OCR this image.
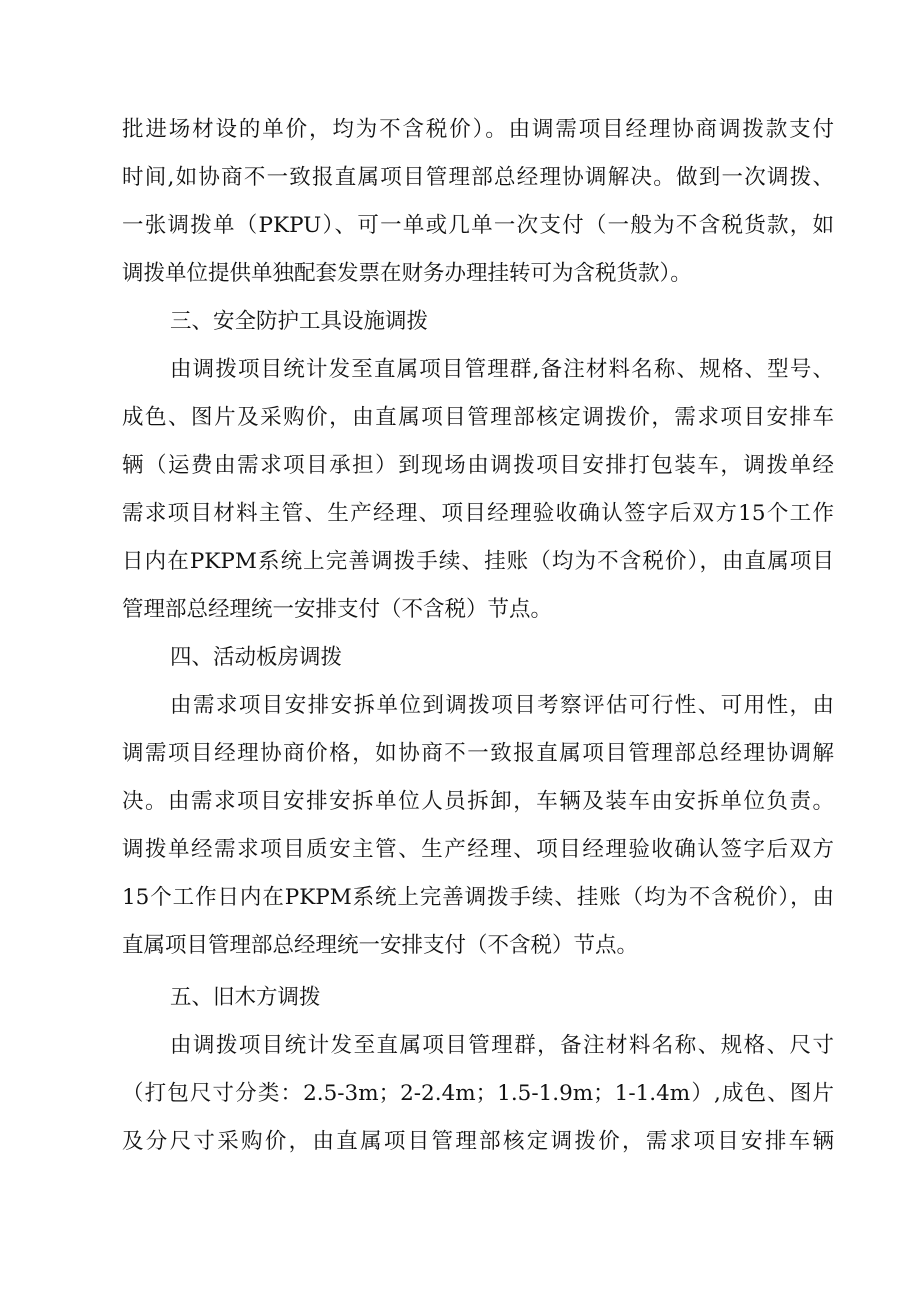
批进场材设的单价，均为不含税价）。由调需项目经理协商调拨款支付
时间,如协商不一致报直属项目管理部总经理协调解决。做到一次调拨、
一张调拨单（PKPU）、可一单或几单一次支付（一般为不含税货款，如
调拨单位提供单独配套发票在财务办理挂转可为含税货款）。
三、安全防护工具设施调拨
由调拨项目统计发至直属项目管理群,备注材料名称、规格、型号、
成色、图片及采购价，由直属项目管理部核定调拨价，需求项目安排车
辆（运费由需求项目承担）到现场由调拨项目安排打包装车，调拨单经
需求项目材料主管、生产经理、项目经理验收确认签字后双方15个工作
日内在PKPM系统上完善调拨手续、挂账（均为不含税价），由直属项目
管理部总经理统一安排支付（不含税）节点。
四、活动板房调拨
由需求项目安排安拆单位到调拨项目考察评估可行性、可用性，由
调需项目经理协商价格，如协商不一致报直属项目管理部总经理协调解
决。由需求项目安排安拆单位人员拆卸，车辆及装车由安拆单位负责。
调拨单经需求项目质安主管、生产经理、项目经理验收确认签字后双方
15个工作日内在PKPM系统上完善调拨手续、挂账（均为不含税价），由
直属项目管理部总经理统一安排支付（不含税）节点。
五、旧木方调拨
由调拨项目统计发至直属项目管理群，备注材料名称、规格、尺寸
（打包尺寸分类：2.5-3m；2-2.4m；1.5-1.9m；1-1.4m）,成色、图片
及分尺寸采购价，由直属项目管理部核定调拨价，需求项目安排车辆
